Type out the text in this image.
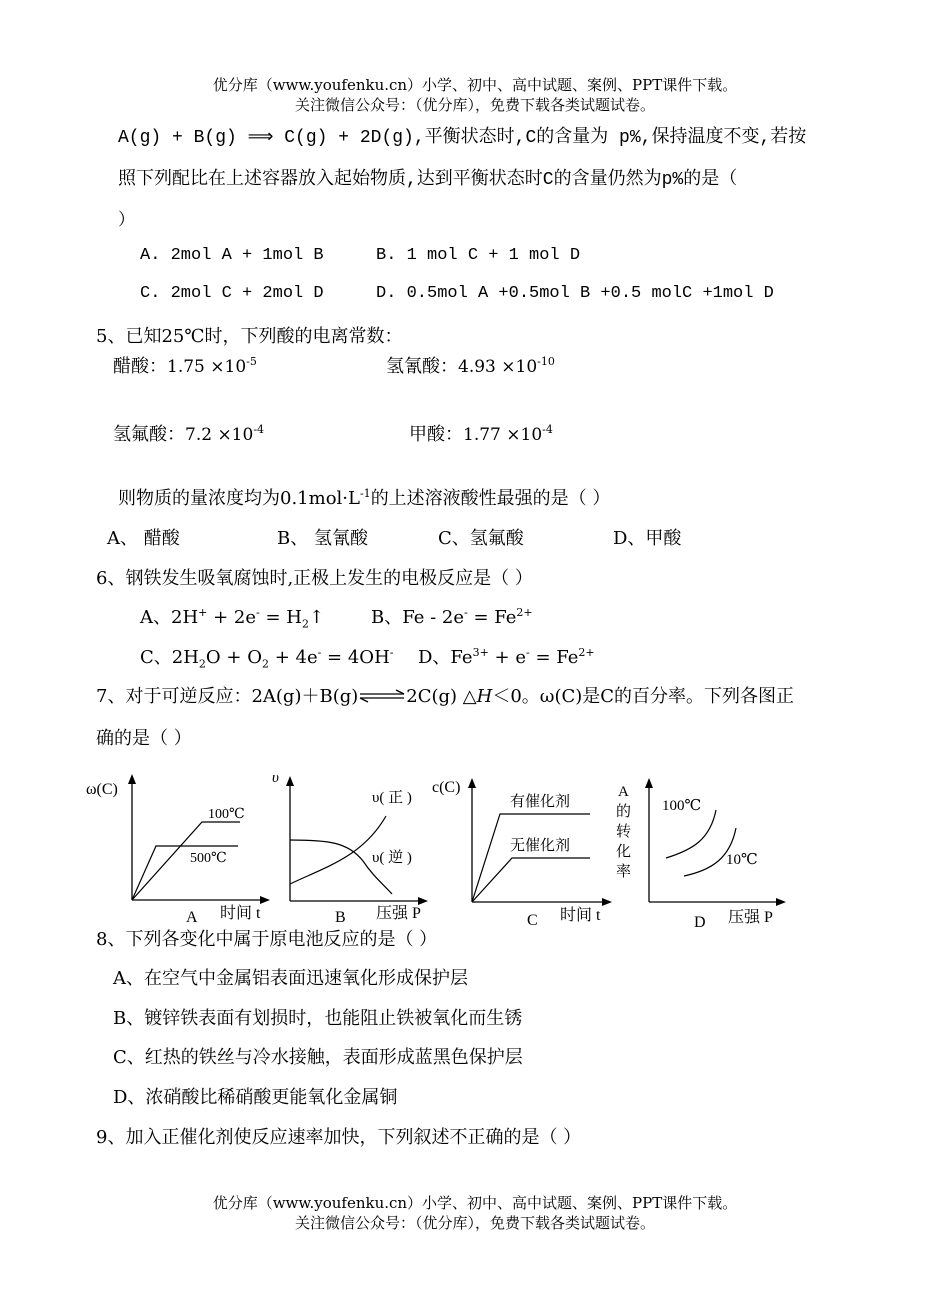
优分库（www.youfenku.cn）小学、初中、高中试题、案例、PPT课件下载。
关注微信公众号：（优分库），免费下载各类试题试卷。
A(g) + B(g) ⟹ C(g) + 2D(g),平衡状态时,C的含量为 p%,保持温度不变,若按
照下列配比在上述容器放入起始物质,达到平衡状态时C的含量仍然为p%的是（
）
A. 2mol A + 1mol B	B. 1 mol C + 1 mol D
C. 2mol C + 2mol D	D. 0.5mol A +0.5mol B +0.5 molC +1mol D
5、已知25℃时，下列酸的电离常数：
醋酸：$1.75 \times 10^{-5}$	氢氰酸：$4.93 \times 10^{-10}$
氢氟酸：$7.2 \times 10^{-4}$	甲酸：$1.77 \times 10^{-4}$
则物质的量浓度均为$0.1mol\cdot L^{-1}$的上述溶液酸性最强的是（ ）
A、 醋酸	B、 氢氰酸	C、氢氟酸	D、甲酸
6、钢铁发生吸氧腐蚀时,正极上发生的电极反应是（ ）
A、$2H^+ + 2e^- = H_2↑$	B、$Fe - 2e^- = Fe^{2+}$
C、$2H_2O + O_2 + 4e^- = 4OH^-$ D、$Fe^{3+} + e^- = Fe^{2+}$
7、对于可逆反应：2A(g)＋B(g)⇌2C(g) △H＜0。ω(C)是C的百分率。下列各图正
确的是（ ）
ω(C)
100℃
500℃
时间 t
A
υ
υ( 正 )
υ( 逆 )
压强 P
B
c(C)
有催化剂
无催化剂
时间 t
C
A 的 转 化 率
100℃
10℃
压强 P
D
8、下列各变化中属于原电池反应的是（ ）
A、在空气中金属铝表面迅速氧化形成保护层
B、镀锌铁表面有划损时，也能阻止铁被氧化而生锈
C、红热的铁丝与冷水接触，表面形成蓝黑色保护层
D、浓硝酸比稀硝酸更能氧化金属铜
9、加入正催化剂使反应速率加快，下列叙述不正确的是（ ）
优分库（www.youfenku.cn）小学、初中、高中试题、案例、PPT课件下载。
关注微信公众号：（优分库），免费下载各类试题试卷。
